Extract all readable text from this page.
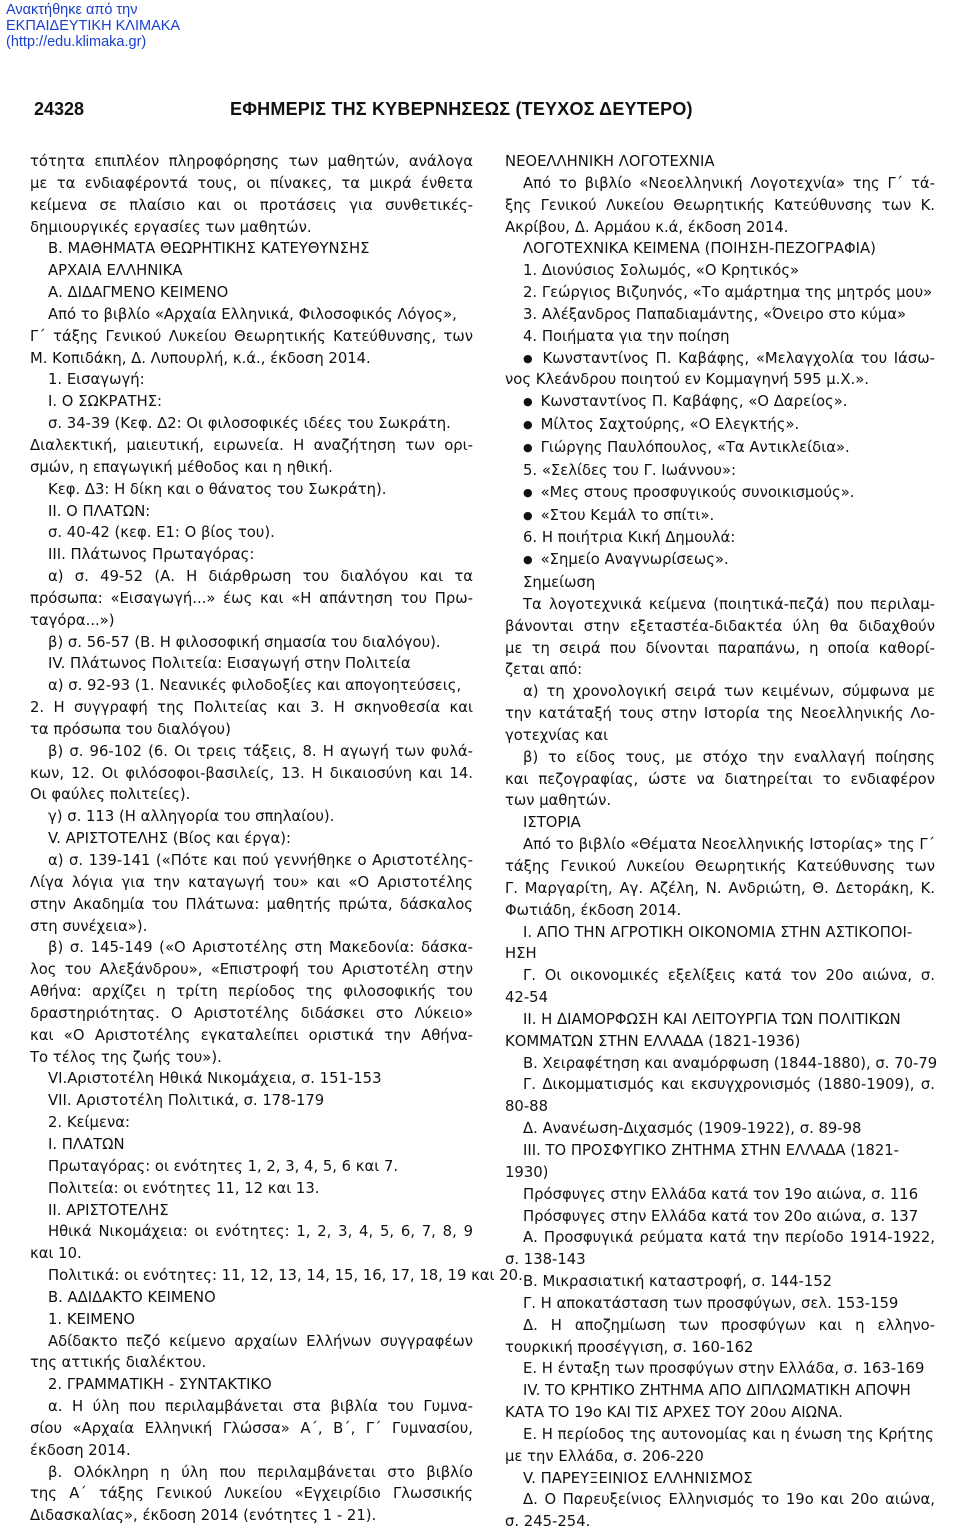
Ανακτήθηκε από την
ΕΚΠΑΙΔΕΥΤΙΚΗ ΚΛΙΜΑΚΑ
(http://edu.klimaka.gr)
24328	ΕΦΗΜΕΡΙΣ ΤΗΣ ΚΥΒΕΡΝΗΣΕΩΣ (ΤΕΥΧΟΣ ΔΕΥΤΕΡΟ)
τότητα επιπλέον πληροφόρησης των μαθητών, ανάλογα
με τα ενδιαφέροντά τους, οι πίνακες, τα μικρά ένθετα
κείμενα σε πλαίσιο και οι προτάσεις για συνθετικές-
δημιουργικές εργασίες των μαθητών.
Β. ΜΑΘΗΜΑΤΑ ΘΕΩΡΗΤΙΚΗΣ ΚΑΤΕΥΘΥΝΣΗΣ
ΑΡΧΑΙΑ ΕΛΛΗΝΙΚΑ
Α. ΔΙΔΑΓΜΕΝΟ ΚΕΙΜΕΝΟ
Από το βιβλίο «Αρχαία Ελληνικά, Φιλοσοφικός Λόγος»,
Γ΄ τάξης Γενικού Λυκείου Θεωρητικής Κατεύθυνσης, των
Μ. Κοπιδάκη, Δ. Λυπουρλή, κ.ά., έκδοση 2014.
1. Εισαγωγή:
Ι. Ο ΣΩΚΡΑΤΗΣ:
σ. 34-39 (Κεφ. Δ2: Οι φιλοσοφικές ιδέες του Σωκράτη.
Διαλεκτική, μαιευτική, ειρωνεία. Η αναζήτηση των ορι-
σμών, η επαγωγική μέθοδος και η ηθική.
Κεφ. Δ3: Η δίκη και ο θάνατος του Σωκράτη).
ΙΙ. Ο ΠΛΑΤΩΝ:
σ. 40-42 (κεφ. Ε1: Ο βίος του).
ΙΙΙ. Πλάτωνος Πρωταγόρας:
α) σ. 49-52 (Α. Η διάρθρωση του διαλόγου και τα
πρόσωπα: «Εισαγωγή...» έως και «Η απάντηση του Πρω-
ταγόρα...»)
β) σ. 56-57 (Β. Η φιλοσοφική σημασία του διαλόγου).
IV. Πλάτωνος Πολιτεία: Εισαγωγή στην Πολιτεία
α) σ. 92-93 (1. Νεανικές φιλοδοξίες και απογοητεύσεις,
2. Η συγγραφή της Πολιτείας και 3. Η σκηνοθεσία και
τα πρόσωπα του διαλόγου)
β) σ. 96-102 (6. Οι τρεις τάξεις, 8. Η αγωγή των φυλά-
κων, 12. Οι φιλόσοφοι-βασιλείς, 13. Η δικαιοσύνη και 14.
Οι φαύλες πολιτείες).
γ) σ. 113 (Η αλληγορία του σπηλαίου).
V. ΑΡΙΣΤΟΤΕΛΗΣ (Βίος και έργα):
α) σ. 139-141 («Πότε και πού γεννήθηκε ο Αριστοτέλης-
Λίγα λόγια για την καταγωγή του» και «Ο Αριστοτέλης
στην Ακαδημία του Πλάτωνα: μαθητής πρώτα, δάσκαλος
στη συνέχεια»).
β) σ. 145-149 («Ο Αριστοτέλης στη Μακεδονία: δάσκα-
λος του Αλεξάνδρου», «Επιστροφή του Αριστοτέλη στην
Αθήνα: αρχίζει η τρίτη περίοδος της φιλοσοφικής του
δραστηριότητας. Ο Αριστοτέλης διδάσκει στο Λύκειο»
και «Ο Αριστοτέλης εγκαταλείπει οριστικά την Αθήνα-
Το τέλος της ζωής του»).
VI.Αριστοτέλη Ηθικά Νικομάχεια, σ. 151-153
VII. Αριστοτέλη Πολιτικά, σ. 178-179
2. Κείμενα:
Ι. ΠΛΑΤΩΝ
Πρωταγόρας: οι ενότητες 1, 2, 3, 4, 5, 6 και 7.
Πολιτεία: οι ενότητες 11, 12 και 13.
ΙΙ. ΑΡΙΣΤΟΤΕΛΗΣ
Ηθικά Νικομάχεια: οι ενότητες: 1, 2, 3, 4, 5, 6, 7, 8, 9
και 10.
Πολιτικά: οι ενότητες: 11, 12, 13, 14, 15, 16, 17, 18, 19 και 20.
Β. ΑΔΙΔΑΚΤΟ ΚΕΙΜΕΝΟ
1. ΚΕΙΜΕΝΟ
Αδίδακτο πεζό κείμενο αρχαίων Ελλήνων συγγραφέων
της αττικής διαλέκτου.
2. ΓΡΑΜΜΑΤΙΚΗ - ΣΥΝΤΑΚΤΙΚΟ
α. Η ύλη που περιλαμβάνεται στα βιβλία του Γυμνα-
σίου «Αρχαία Ελληνική Γλώσσα» Α΄, Β΄, Γ΄ Γυμνασίου,
έκδοση 2014.
β. Ολόκληρη η ύλη που περιλαμβάνεται στο βιβλίο
της Α΄ τάξης Γενικού Λυκείου «Εγχειρίδιο Γλωσσικής
Διδασκαλίας», έκδοση 2014 (ενότητες 1 - 21).
ΝΕΟΕΛΛΗΝΙΚΗ ΛΟΓΟΤΕΧΝΙΑ
Από το βιβλίο «Νεοελληνική Λογοτεχνία» της Γ΄ τά-
ξης Γενικού Λυκείου Θεωρητικής Κατεύθυνσης των Κ.
Ακρίβου, Δ. Αρμάου κ.ά, έκδοση 2014.
ΛΟΓΟΤΕΧΝΙΚΑ ΚΕΙΜΕΝΑ (ΠΟΙΗΣΗ-ΠΕΖΟΓΡΑΦΙΑ)
1. Διονύσιος Σολωμός, «Ο Κρητικός»
2. Γεώργιος Βιζυηνός, «Το αμάρτημα της μητρός μου»
3. Αλέξανδρος Παπαδιαμάντης, «Όνειρο στο κύμα»
4. Ποιήματα για την ποίηση
● Κωνσταντίνος Π. Καβάφης, «Μελαγχολία του Ιάσω-
νος Κλεάνδρου ποιητού εν Κομμαγηνή 595 μ.Χ.».
● Κωνσταντίνος Π. Καβάφης, «Ο Δαρείος».
● Μίλτος Σαχτούρης, «Ο Ελεγκτής».
● Γιώργης Παυλόπουλος, «Τα Αντικλείδια».
5. «Σελίδες του Γ. Ιωάννου»:
● «Μες στους προσφυγικούς συνοικισμούς».
● «Στου Κεμάλ το σπίτι».
6. Η ποιήτρια Κική Δημουλά:
● «Σημείο Αναγνωρίσεως».
Σημείωση
Τα λογοτεχνικά κείμενα (ποιητικά-πεζά) που περιλαμ-
βάνονται στην εξεταστέα-διδακτέα ύλη θα διδαχθούν
με τη σειρά που δίνονται παραπάνω, η οποία καθορί-
ζεται από:
α) τη χρονολογική σειρά των κειμένων, σύμφωνα με
την κατάταξή τους στην Ιστορία της Νεοελληνικής Λο-
γοτεχνίας και
β) το είδος τους, με στόχο την εναλλαγή ποίησης
και πεζογραφίας, ώστε να διατηρείται το ενδιαφέρον
των μαθητών.
ΙΣΤΟΡΙΑ
Από το βιβλίο «Θέματα Νεοελληνικής Ιστορίας» της Γ΄
τάξης Γενικού Λυκείου Θεωρητικής Κατεύθυνσης των
Γ. Μαργαρίτη, Αγ. Αζέλη, Ν. Ανδριώτη, Θ. Δετοράκη, Κ.
Φωτιάδη, έκδοση 2014.
Ι. ΑΠΟ ΤΗΝ ΑΓΡΟΤΙΚΗ ΟΙΚΟΝΟΜΙΑ ΣΤΗΝ ΑΣΤΙΚΟΠΟΙ-
ΗΣΗ
Γ. Οι οικονομικές εξελίξεις κατά τον 20ο αιώνα, σ.
42-54
ΙΙ. Η ΔΙΑΜΟΡΦΩΣΗ ΚΑΙ ΛΕΙΤΟΥΡΓΙΑ ΤΩΝ ΠΟΛΙΤΙΚΩΝ
ΚΟΜΜΑΤΩΝ ΣΤΗΝ ΕΛΛΑΔΑ (1821-1936)
Β. Χειραφέτηση και αναμόρφωση (1844-1880), σ. 70-79
Γ. Δικομματισμός και εκσυγχρονισμός (1880-1909), σ.
80-88
Δ. Ανανέωση-Διχασμός (1909-1922), σ. 89-98
ΙΙΙ. ΤΟ ΠΡΟΣΦΥΓΙΚΟ ΖΗΤΗΜΑ ΣΤΗΝ ΕΛΛΑΔΑ (1821-
1930)
Πρόσφυγες στην Ελλάδα κατά τον 19ο αιώνα, σ. 116
Πρόσφυγες στην Ελλάδα κατά τον 20ο αιώνα, σ. 137
Α. Προσφυγικά ρεύματα κατά την περίοδο 1914-1922,
σ. 138-143
Β. Μικρασιατική καταστροφή, σ. 144-152
Γ. Η αποκατάσταση των προσφύγων, σελ. 153-159
Δ. Η αποζημίωση των προσφύγων και η ελληνο-
τουρκική προσέγγιση, σ. 160-162
Ε. Η ένταξη των προσφύγων στην Ελλάδα, σ. 163-169
IV. ΤΟ ΚΡΗΤΙΚΟ ΖΗΤΗΜΑ ΑΠΟ ΔΙΠΛΩΜΑΤΙΚΗ ΑΠΟΨΗ
ΚΑΤΑ ΤΟ 19ο ΚΑΙ ΤΙΣ ΑΡΧΕΣ ΤΟΥ 20ου ΑΙΩΝΑ.
Ε. Η περίοδος της αυτονομίας και η ένωση της Κρήτης
με την Ελλάδα, σ. 206-220
V. ΠΑΡΕΥΞΕΙΝΙΟΣ ΕΛΛΗΝΙΣΜΟΣ
Δ. Ο Παρευξείνιος Ελληνισμός το 19ο και 20ο αιώνα,
σ. 245-254.
